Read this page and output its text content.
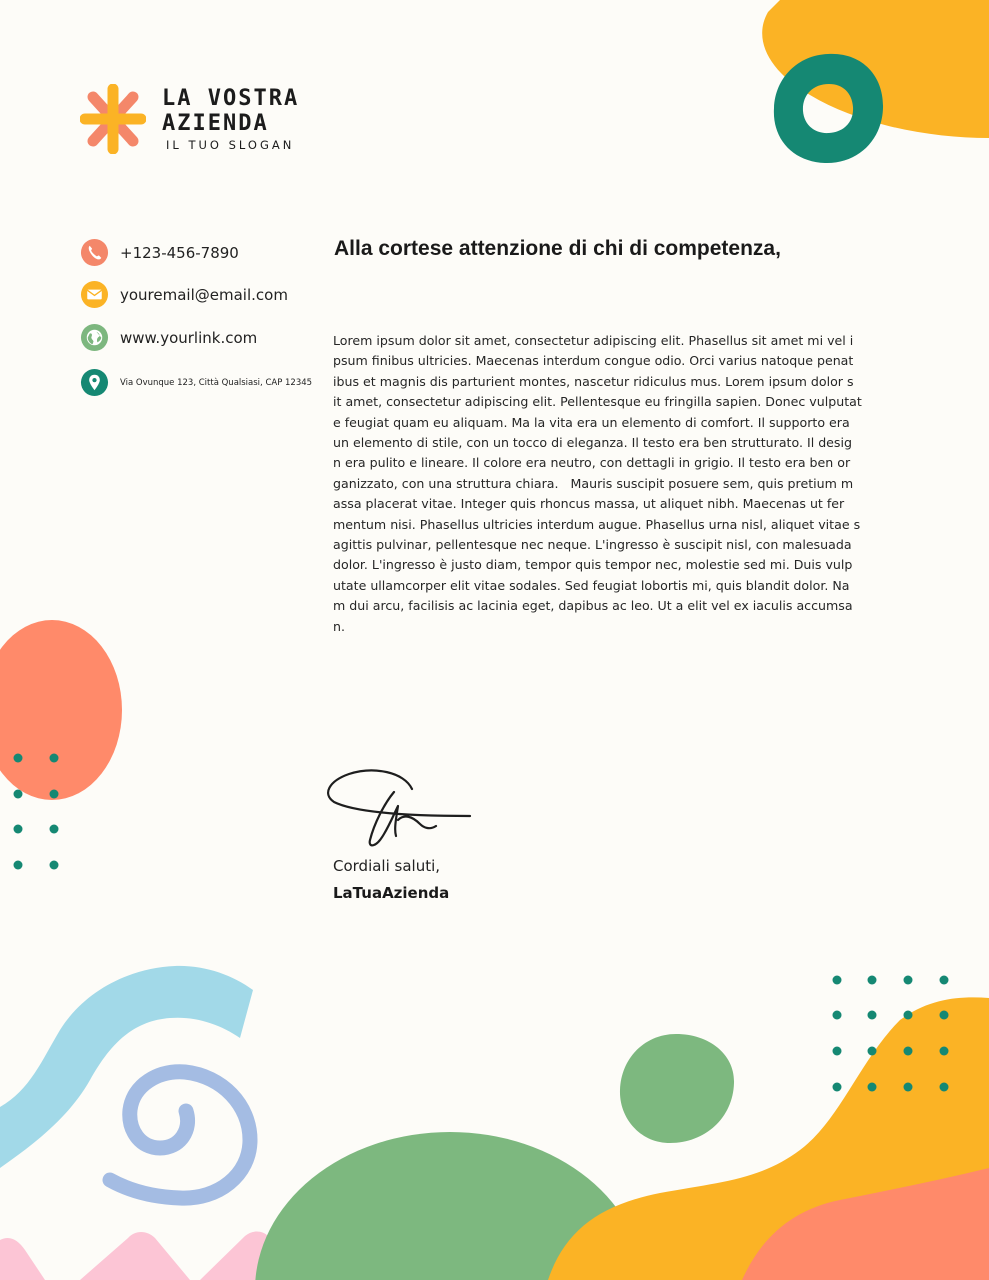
LA VOSTRA
AZIENDA
IL TUO SLOGAN
+123-456-7890
youremail@email.com
www.yourlink.com
Via Ovunque 123, Città Qualsiasi, CAP 12345
Alla cortese attenzione di chi di competenza,
Lorem ipsum dolor sit amet, consectetur adipiscing elit. Phasellus sit amet mi vel i
psum finibus ultricies. Maecenas interdum congue odio. Orci varius natoque penat
ibus et magnis dis parturient montes, nascetur ridiculus mus. Lorem ipsum dolor s
it amet, consectetur adipiscing elit. Pellentesque eu fringilla sapien. Donec vulputat
e feugiat quam eu aliquam. Ma la vita era un elemento di comfort. Il supporto era
un elemento di stile, con un tocco di eleganza. Il testo era ben strutturato. Il desig
n era pulito e lineare. Il colore era neutro, con dettagli in grigio. Il testo era ben or
ganizzato, con una struttura chiara.   Mauris suscipit posuere sem, quis pretium m
assa placerat vitae. Integer quis rhoncus massa, ut aliquet nibh. Maecenas ut fer
mentum nisi. Phasellus ultricies interdum augue. Phasellus urna nisl, aliquet vitae s
agittis pulvinar, pellentesque nec neque. L'ingresso è suscipit nisl, con malesuada
dolor. L'ingresso è justo diam, tempor quis tempor nec, molestie sed mi. Duis vulp
utate ullamcorper elit vitae sodales. Sed feugiat lobortis mi, quis blandit dolor. Na
m dui arcu, facilisis ac lacinia eget, dapibus ac leo. Ut a elit vel ex iaculis accumsa
n.
Cordiali saluti,
LaTuaAzienda
